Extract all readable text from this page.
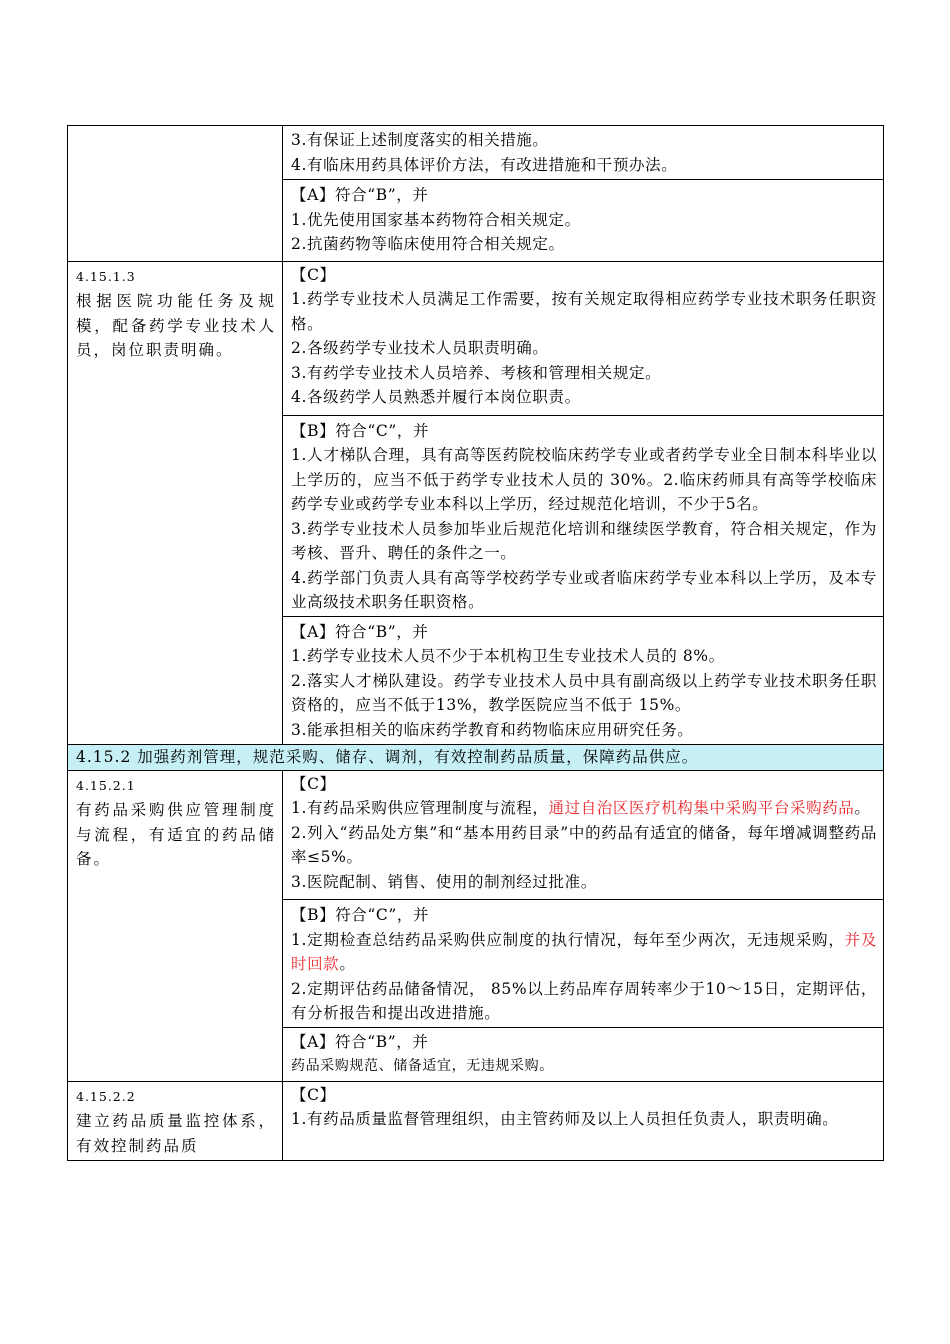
	3.有保证上述制度落实的相关措施。
4.有临床用药具体评价方法，有改进措施和干预办法。

	【A】符合“B”，并
1.优先使用国家基本药物符合相关规定。
2.抗菌药物等临床使用符合相关规定。

4.15.1.3
根据医院功能任务及规模，配备药学专业技术人员，岗位职责明确。	【C】
1.药学专业技术人员满足工作需要，按有关规定取得相应药学专业技术职务任职资格。
2.各级药学专业技术人员职责明确。
3.有药学专业技术人员培养、考核和管理相关规定。
4.各级药学人员熟悉并履行本岗位职责。

	【B】符合“C”，并
1.人才梯队合理，具有高等医药院校临床药学专业或者药学专业全日制本科毕业以上学历的，应当不低于药学专业技术人员的 30%。2.临床药师具有高等学校临床药学专业或药学专业本科以上学历，经过规范化培训，不少于5名。
3.药学专业技术人员参加毕业后规范化培训和继续医学教育，符合相关规定，作为考核、晋升、聘任的条件之一。
4.药学部门负责人具有高等学校药学专业或者临床药学专业本科以上学历，及本专业高级技术职务任职资格。

	【A】符合“B”，并
1.药学专业技术人员不少于本机构卫生专业技术人员的 8%。
2.落实人才梯队建设。药学专业技术人员中具有副高级以上药学专业技术职务任职资格的，应当不低于13%，教学医院应当不低于 15%。
3.能承担相关的临床药学教育和药物临床应用研究任务。

4.15.2 加强药剂管理，规范采购、储存、调剂，有效控制药品质量，保障药品供应。	

4.15.2.1
有药品采购供应管理制度与流程，有适宜的药品储备。	【C】
1.有药品采购供应管理制度与流程，通过自治区医疗机构集中采购平台采购药品。
2.列入“药品处方集”和“基本用药目录”中的药品有适宜的储备，每年增减调整药品率≤5%。
3.医院配制、销售、使用的制剂经过批准。

	【B】符合“C”，并
1.定期检查总结药品采购供应制度的执行情况，每年至少两次，无违规采购，并及时回款。
2.定期评估药品储备情况， 85%以上药品库存周转率少于10～15日，定期评估，有分析报告和提出改进措施。

	【A】符合“B”，并
药品采购规范、储备适宜，无违规采购。

4.15.2.2
建立药品质量监控体系，有效控制药品质	【C】
1.有药品质量监督管理组织，由主管药师及以上人员担任负责人，职责明确。
